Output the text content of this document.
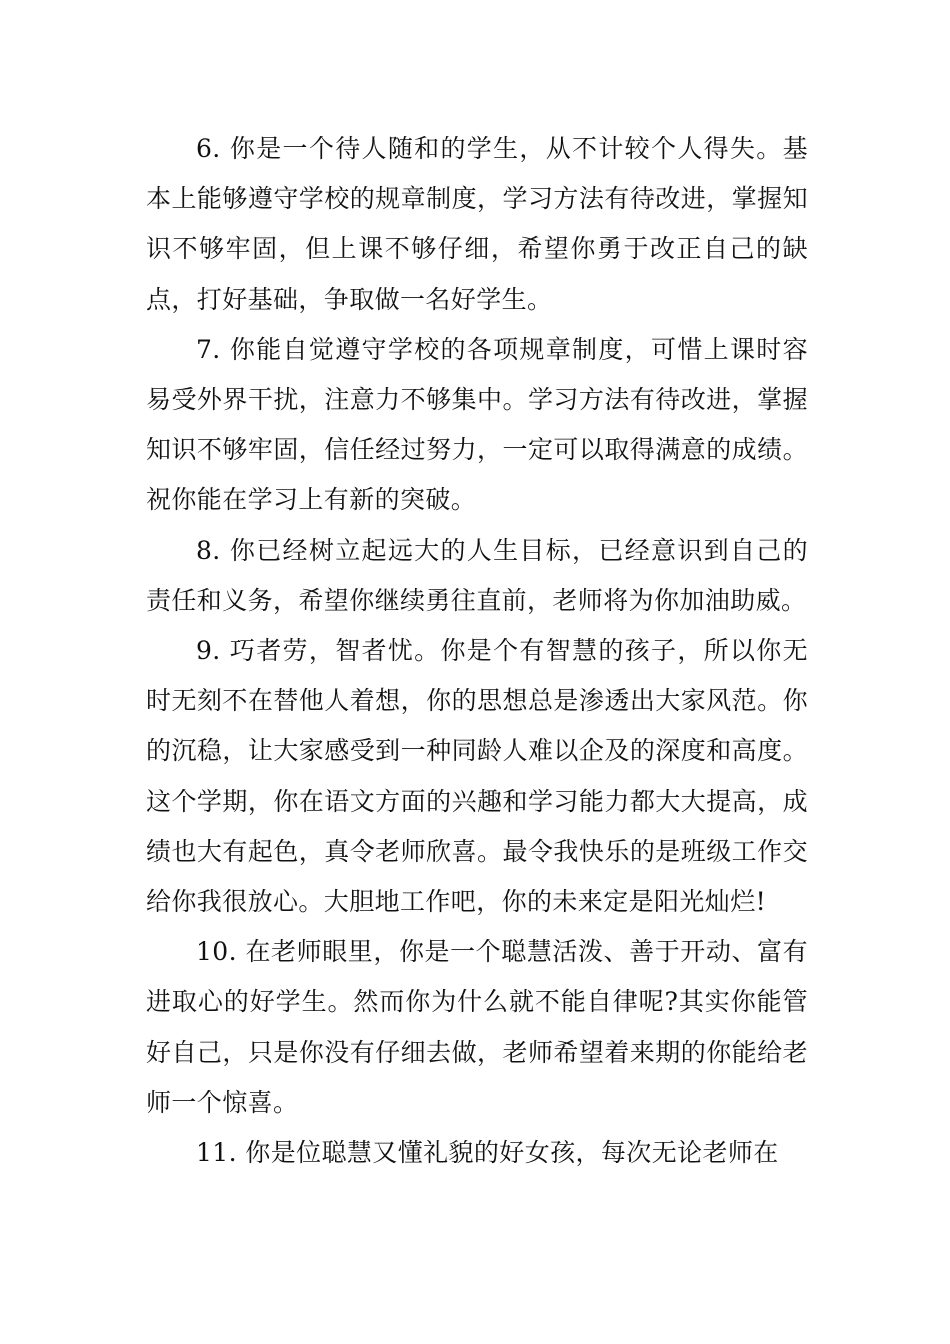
6. 你是一个待人随和的学生，从不计较个人得失。基本上能够遵守学校的规章制度，学习方法有待改进，掌握知识不够牢固，但上课不够仔细，希望你勇于改正自己的缺点，打好基础，争取做一名好学生。

7. 你能自觉遵守学校的各项规章制度，可惜上课时容易受外界干扰，注意力不够集中。学习方法有待改进，掌握知识不够牢固，信任经过努力，一定可以取得满意的成绩。祝你能在学习上有新的突破。

8. 你已经树立起远大的人生目标，已经意识到自己的责任和义务，希望你继续勇往直前，老师将为你加油助威。

9. 巧者劳，智者忧。你是个有智慧的孩子，所以你无时无刻不在替他人着想，你的思想总是渗透出大家风范。你的沉稳，让大家感受到一种同龄人难以企及的深度和高度。这个学期，你在语文方面的兴趣和学习能力都大大提高，成绩也大有起色，真令老师欣喜。最令我快乐的是班级工作交给你我很放心。大胆地工作吧，你的未来定是阳光灿烂!

10. 在老师眼里，你是一个聪慧活泼、善于开动、富有进取心的好学生。然而你为什么就不能自律呢?其实你能管好自己，只是你没有仔细去做，老师希望着来期的你能给老师一个惊喜。

11. 你是位聪慧又懂礼貌的好女孩，每次无论老师在
